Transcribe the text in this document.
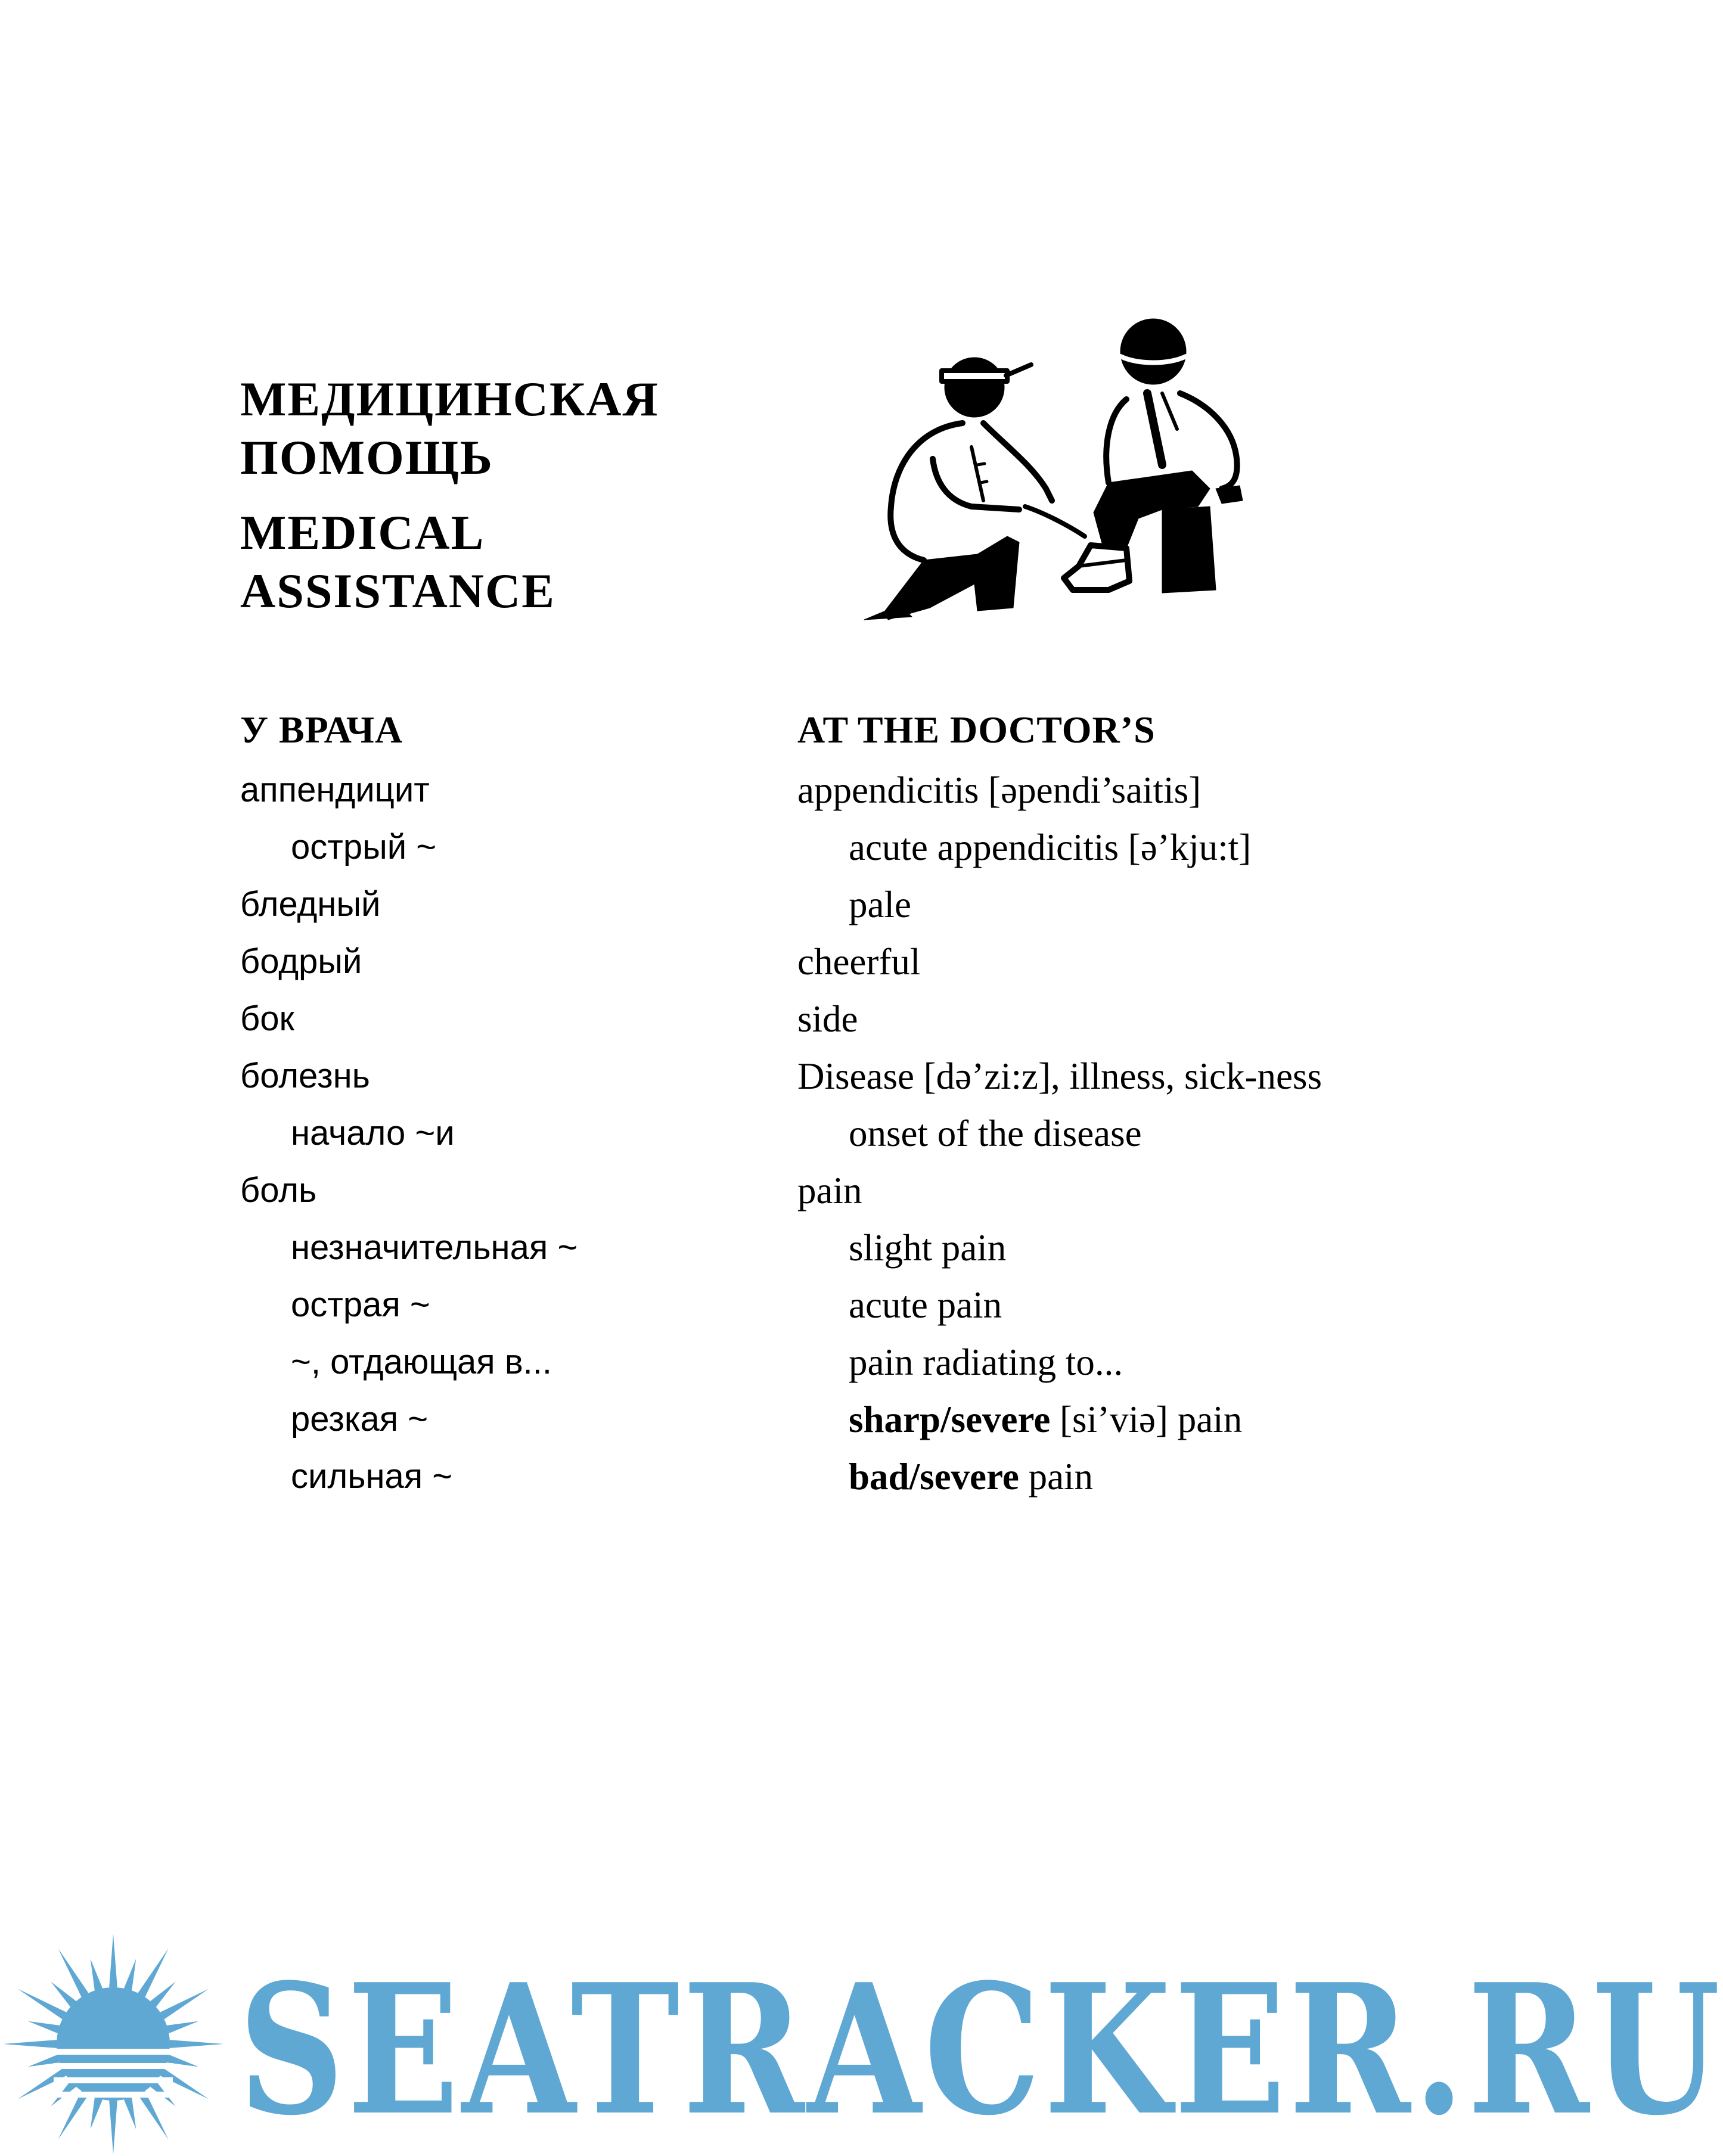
МЕДИЦИНСКАЯ
ПОМОЩЬ
MEDICAL
ASSISTANCE
У ВРАЧА	AT THE DOCTOR’S
аппендицит	appendicitis [əpendi’saitis]
острый ~	acute appendicitis [ə’kju:t]
бледный	pale
бодрый	cheerful
бок	side
болезнь	Disease [də’zi:z], illness, sick-ness
начало ~и	onset of the disease
боль	pain
незначительная ~	slight pain
острая ~	acute pain
~, отдающая в...	pain radiating to...
резкая ~	sharp/severe [si’viə] pain
сильная ~	bad/severe pain
SEATRACKER.RU
